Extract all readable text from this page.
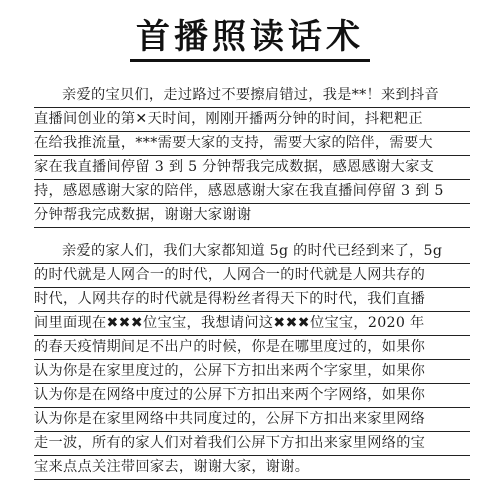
首播照读话术
亲爱的宝贝们，走过路过不要擦肩错过，我是**！来到抖音
直播间创业的第✕天时间，刚刚开播两分钟的时间，抖粑粑正
在给我推流量，***需要大家的支持，需要大家的陪伴，需要大
家在我直播间停留 3 到 5 分钟帮我完成数据，感恩感谢大家支
持，感恩感谢大家的陪伴，感恩感谢大家在我直播间停留 3 到 5
分钟帮我完成数据，谢谢大家谢谢
亲爱的家人们，我们大家都知道 5g 的时代已经到来了，5g
的时代就是人网合一的时代，人网合一的时代就是人网共存的
时代，人网共存的时代就是得粉丝者得天下的时代，我们直播
间里面现在✖✖✖位宝宝，我想请问这✖✖✖位宝宝，2020 年
的春天疫情期间足不出户的时候，你是在哪里度过的，如果你
认为你是在家里度过的，公屏下方扣出来两个字家里，如果你
认为你是在网络中度过的公屏下方扣出来两个字网络，如果你
认为你是在家里网络中共同度过的，公屏下方扣出来家里网络
走一波，所有的家人们对着我们公屏下方扣出来家里网络的宝
宝来点点关注带回家去，谢谢大家，谢谢。
